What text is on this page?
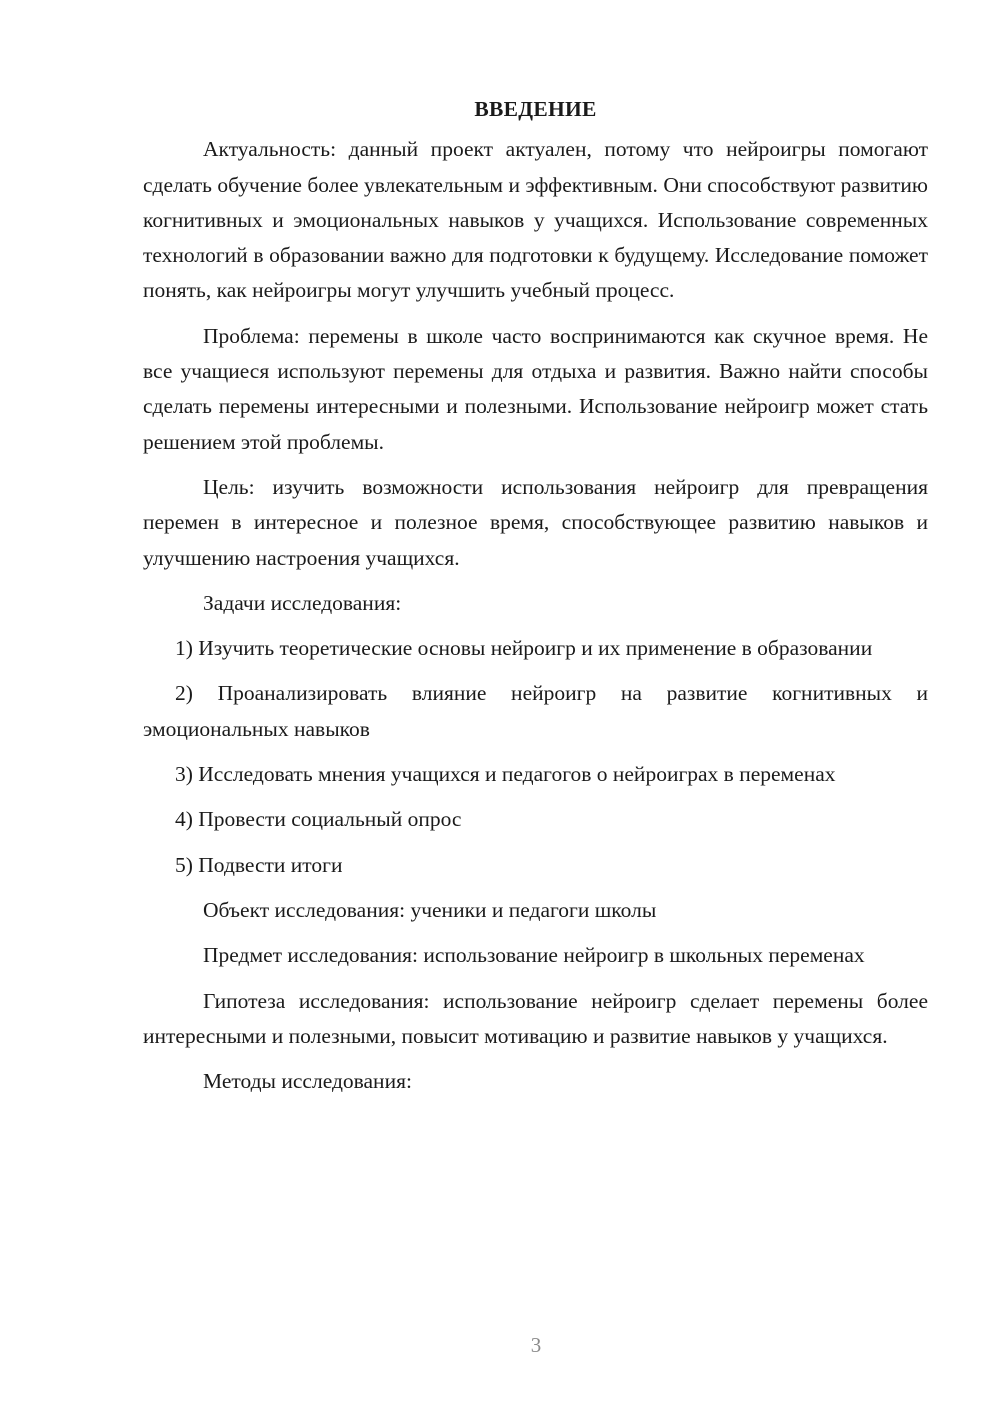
ВВЕДЕНИЕ

Актуальность: данный проект актуален, потому что нейроигры помогают сделать обучение более увлекательным и эффективным. Они способствуют развитию когнитивных и эмоциональных навыков у учащихся. Использование современных технологий в образовании важно для подготовки к будущему. Исследование поможет понять, как нейроигры могут улучшить учебный процесс.

Проблема: перемены в школе часто воспринимаются как скучное время. Не все учащиеся используют перемены для отдыха и развития. Важно найти способы сделать перемены интересными и полезными. Использование нейроигр может стать решением этой проблемы.

Цель: изучить возможности использования нейроигр для превращения перемен в интересное и полезное время, способствующее развитию навыков и улучшению настроения учащихся.

Задачи исследования:

1) Изучить теоретические основы нейроигр и их применение в образовании

2) Проанализировать влияние нейроигр на развитие когнитивных и эмоциональных навыков

3) Исследовать мнения учащихся и педагогов о нейроиграх в переменах

4) Провести социальный опрос

5) Подвести итоги

Объект исследования: ученики и педагоги школы

Предмет исследования: использование нейроигр в школьных переменах

Гипотеза исследования: использование нейроигр сделает перемены более интересными и полезными, повысит мотивацию и развитие навыков у учащихся.

Методы исследования:

3
